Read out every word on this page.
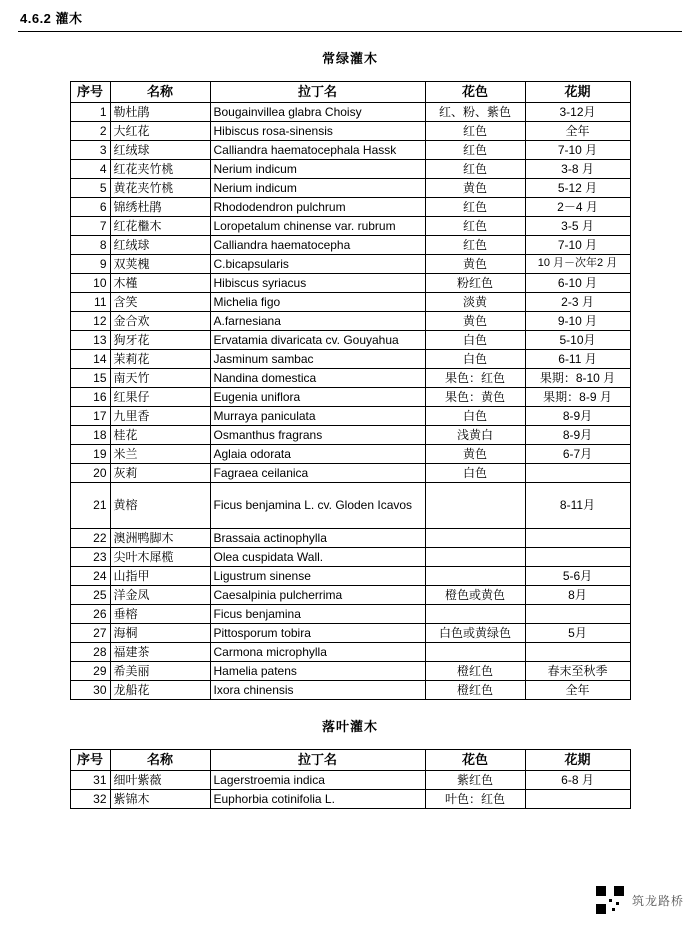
4.6.2 灌木
常绿灌木
序号	名称	拉丁名	花色	花期
1	勒杜鹃	Bougainvillea glabra Choisy	红、粉、紫色	3-12月
2	大红花	Hibiscus rosa-sinensis	红色	全年
3	红绒球	Calliandra haematocephala Hassk	红色	7-10 月
4	红花夹竹桃	Nerium indicum	红色	3-8 月
5	黄花夹竹桃	Nerium indicum	黄色	5-12 月
6	锦绣杜鹃	Rhododendron pulchrum	红色	2－4 月
7	红花檵木	Loropetalum chinense var. rubrum	红色	3-5 月
8	红绒球	Calliandra haematocepha	红色	7-10 月
9	双荚槐	C.bicapsularis	黄色	10 月－次年2 月
10	木槿	Hibiscus syriacus	粉红色	6-10 月
11	含笑	Michelia figo	淡黄	2-3 月
12	金合欢	A.farnesiana	黄色	9-10 月
13	狗牙花	Ervatamia divaricata cv. Gouyahua	白色	5-10月
14	茉莉花	Jasminum sambac	白色	6-11 月
15	南天竹	Nandina domestica	果色：红色	果期：8-10 月
16	红果仔	Eugenia uniflora	果色：黄色	果期：8-9 月
17	九里香	Murraya paniculata	白色	8-9月
18	桂花	Osmanthus fragrans	浅黄白	8-9月
19	米兰	Aglaia odorata	黄色	6-7月
20	灰莉	Fagraea ceilanica	白色	
21	黄榕	Ficus benjamina L. cv. Gloden Icavos		8-11月
22	澳洲鸭脚木	Brassaia actinophylla		
23	尖叶木犀榄	Olea cuspidata Wall.		
24	山指甲	Ligustrum sinense		5-6月
25	洋金凤	Caesalpinia pulcherrima	橙色或黄色	8月
26	垂榕	Ficus benjamina		
27	海桐	Pittosporum tobira	白色或黄绿色	5月
28	福建茶	Carmona microphylla		
29	希美丽	Hamelia patens	橙红色	春末至秋季
30	龙船花	Ixora chinensis	橙红色	全年
落叶灌木
序号	名称	拉丁名	花色	花期
31	细叶紫薇	Lagerstroemia indica	紫红色	6-8 月
32	紫锦木	Euphorbia cotinifolia L.	叶色：红色	
筑龙路桥
